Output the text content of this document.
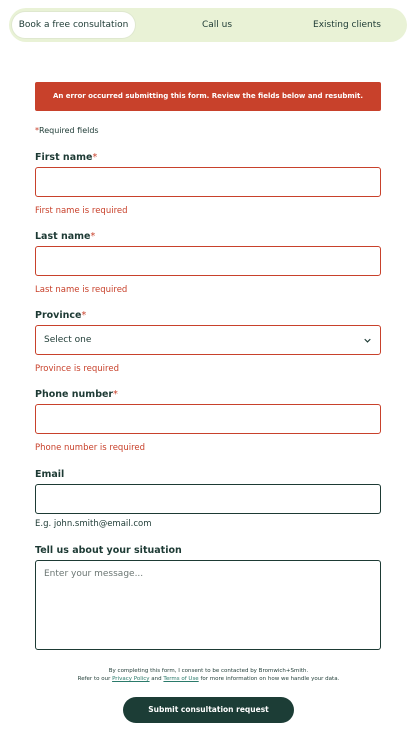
Book a free consultation	Call us	Existing clients
An error occurred submitting this form. Review the fields below and resubmit.
*Required fields
First name*
First name is required
Last name*
Last name is required
Province*
Select one
Province is required
Phone number*
Phone number is required
Email
E.g. john.smith@email.com
Tell us about your situation
Enter your message...
By completing this form, I consent to be contacted by Bromwich+Smith.
Refer to our Privacy Policy and Terms of Use for more information on how we handle your data.
Submit consultation request
